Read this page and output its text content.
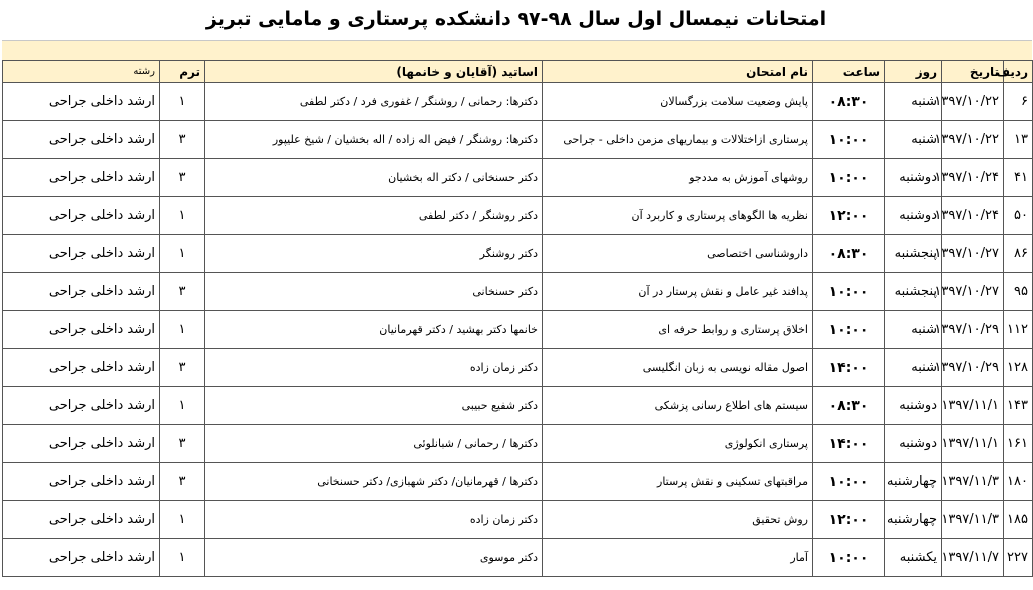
امتحانات نیمسال اول سال ۹۸-۹۷ دانشکده پرستاری و مامایی تبریز
ردیف	تاریخ	روز	ساعت	نام امتحان	اساتید (آقایان و خانمها)	ترم	رشته
۶	۱۳۹۷/۱۰/۲۲	شنبه	۰۸:۳۰	پایش وضعیت سلامت بزرگسالان	دکترها: رحمانی / روشنگر / غفوری فرد / دکتر لطفی	۱	ارشد داخلی جراحی
۱۳	۱۳۹۷/۱۰/۲۲	شنبه	۱۰:۰۰	پرستاری ازاختلالات و بیماریهای مزمن داخلی - جراحی	دکترها: روشنگر / فیض اله زاده / اله بخشیان / شیخ علیپور	۳	ارشد داخلی جراحی
۴۱	۱۳۹۷/۱۰/۲۴	دوشنبه	۱۰:۰۰	روشهای آموزش به مددجو	دکتر حسنخانی / دکتر اله بخشیان	۳	ارشد داخلی جراحی
۵۰	۱۳۹۷/۱۰/۲۴	دوشنبه	۱۲:۰۰	نظریه ها الگوهای پرستاری و کاربرد آن	دکتر روشنگر / دکتر لطفی	۱	ارشد داخلی جراحی
۸۶	۱۳۹۷/۱۰/۲۷	پنجشنبه	۰۸:۳۰	داروشناسی اختصاصی	دکتر روشنگر	۱	ارشد داخلی جراحی
۹۵	۱۳۹۷/۱۰/۲۷	پنجشنبه	۱۰:۰۰	پدافند غیر عامل و نقش پرستار در آن	دکتر حسنخانی	۳	ارشد داخلی جراحی
۱۱۲	۱۳۹۷/۱۰/۲۹	شنبه	۱۰:۰۰	اخلاق پرستاری و روابط حرفه ای	خانمها دکتر بهشید / دکتر قهرمانیان	۱	ارشد داخلی جراحی
۱۲۸	۱۳۹۷/۱۰/۲۹	شنبه	۱۴:۰۰	اصول مقاله نویسی به زبان انگلیسی	دکتر زمان زاده	۳	ارشد داخلی جراحی
۱۴۳	۱۳۹۷/۱۱/۱	دوشنبه	۰۸:۳۰	سیستم های اطلاع رسانی پزشکی	دکتر شفیع حبیبی	۱	ارشد داخلی جراحی
۱۶۱	۱۳۹۷/۱۱/۱	دوشنبه	۱۴:۰۰	پرستاری انکولوژی	دکترها / رحمانی / شبانلوئی	۳	ارشد داخلی جراحی
۱۸۰	۱۳۹۷/۱۱/۳	چهارشنبه	۱۰:۰۰	مراقبتهای تسکینی و نقش پرستار	دکترها / قهرمانیان/ دکتر شهبازی/ دکتر حسنخانی	۳	ارشد داخلی جراحی
۱۸۵	۱۳۹۷/۱۱/۳	چهارشنبه	۱۲:۰۰	روش تحقیق	دکتر زمان زاده	۱	ارشد داخلی جراحی
۲۲۷	۱۳۹۷/۱۱/۷	یکشنبه	۱۰:۰۰	آمار	دکتر موسوی	۱	ارشد داخلی جراحی
